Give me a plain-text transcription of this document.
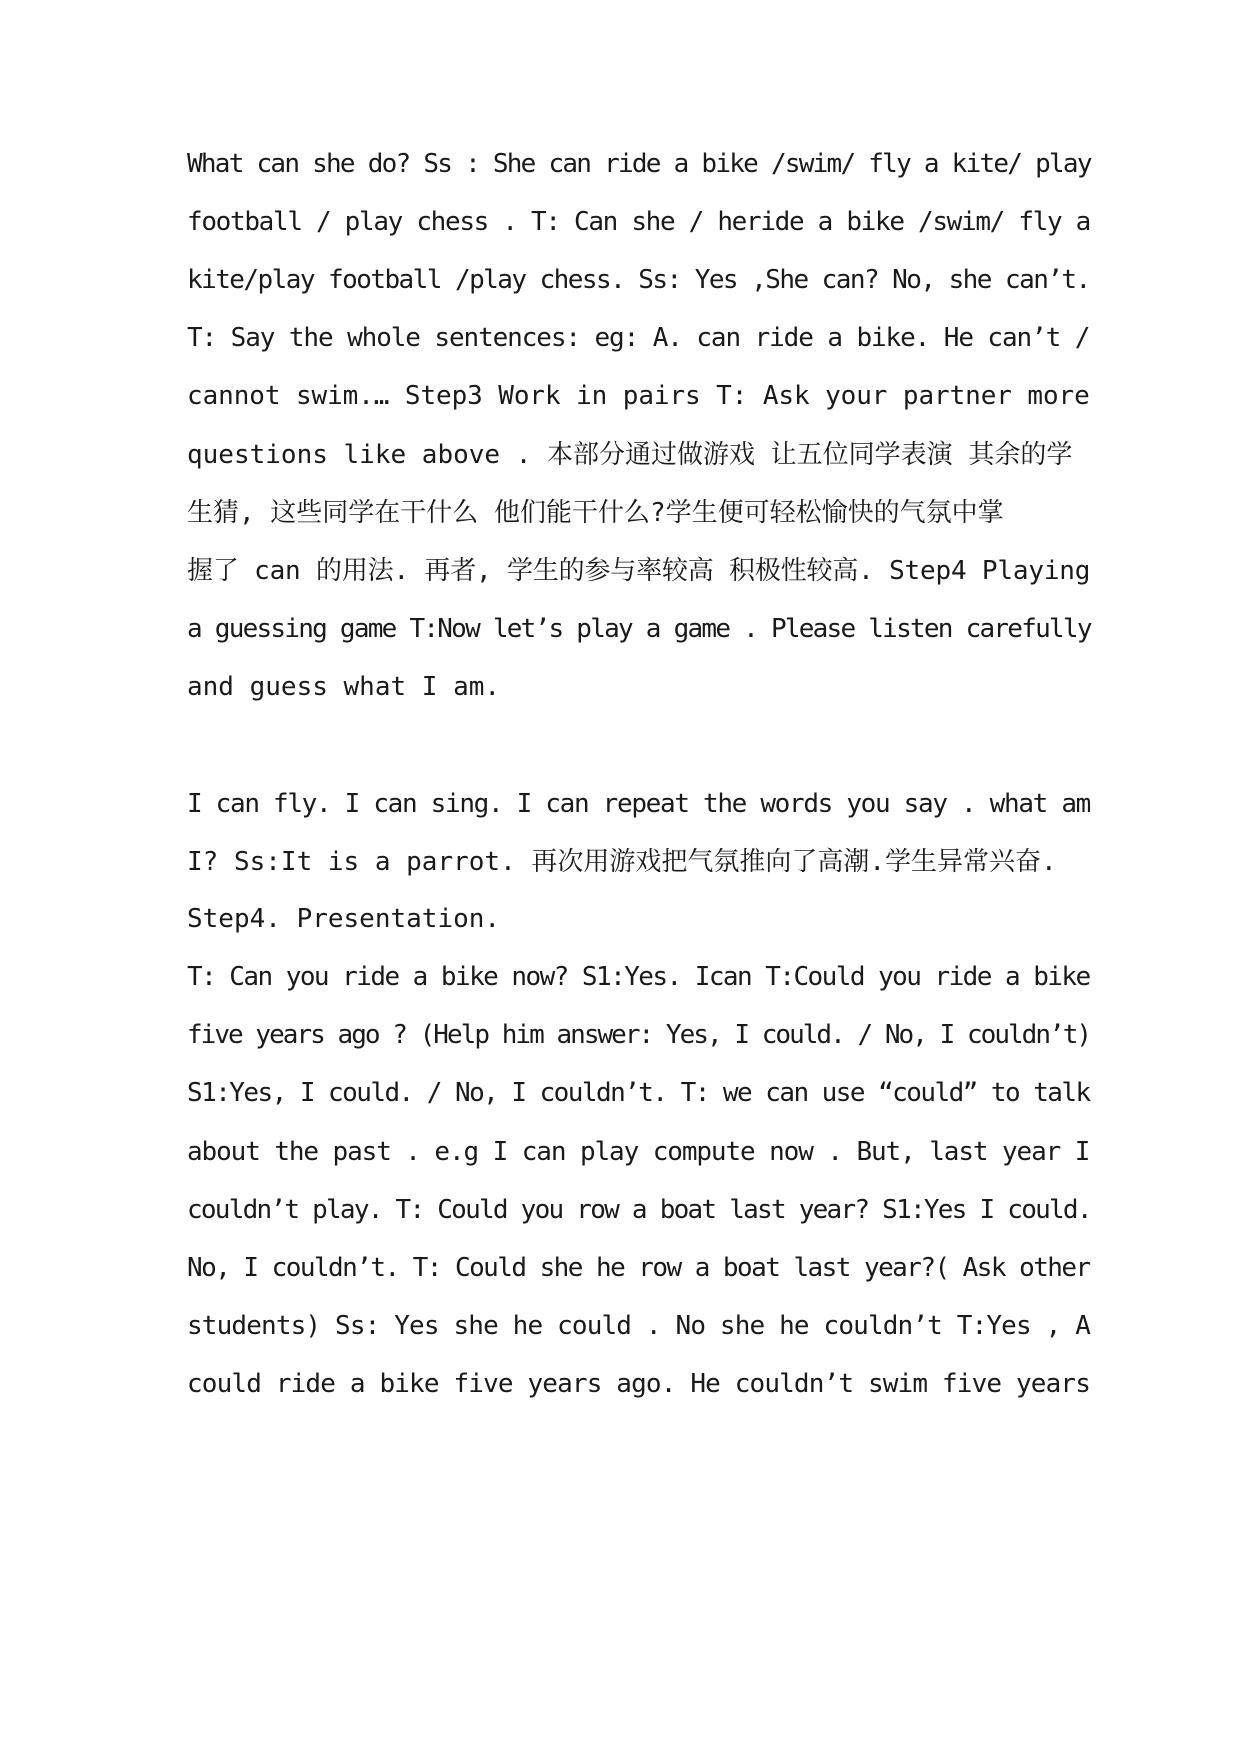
What can she do? Ss : She can ride a bike /swim/ fly a kite/ play
football / play chess . T: Can she / heride a bike /swim/ fly a
kite/play football /play chess. Ss: Yes ,She can? No, she can’t.
T: Say the whole sentences: eg: A. can ride a bike. He can’t /
cannot swim.… Step3 Work in pairs T: Ask your partner more
questions like above . 本部分通过做游戏 让五位同学表演 其余的学
生猜, 这些同学在干什么 他们能干什么?学生便可轻松愉快的气氛中掌
握了 can 的用法. 再者, 学生的参与率较高 积极性较高. Step4 Playing
a guessing game T:Now let’s play a game . Please listen carefully
and guess what I am.
I can fly. I can sing. I can repeat the words you say . what am
I? Ss:It is a parrot. 再次用游戏把气氛推向了高潮.学生异常兴奋.
Step4. Presentation.
T: Can you ride a bike now? S1:Yes. Ican T:Could you ride a bike
five years ago ? (Help him answer: Yes, I could. / No, I couldn’t)
S1:Yes, I could. / No, I couldn’t. T: we can use “could” to talk
about the past . e.g I can play compute now . But, last year I
couldn’t play. T: Could you row a boat last year? S1:Yes I could.
No, I couldn’t. T: Could she he row a boat last year?( Ask other
students) Ss: Yes she he could . No she he couldn’t T:Yes , A
could ride a bike five years ago. He couldn’t swim five years
